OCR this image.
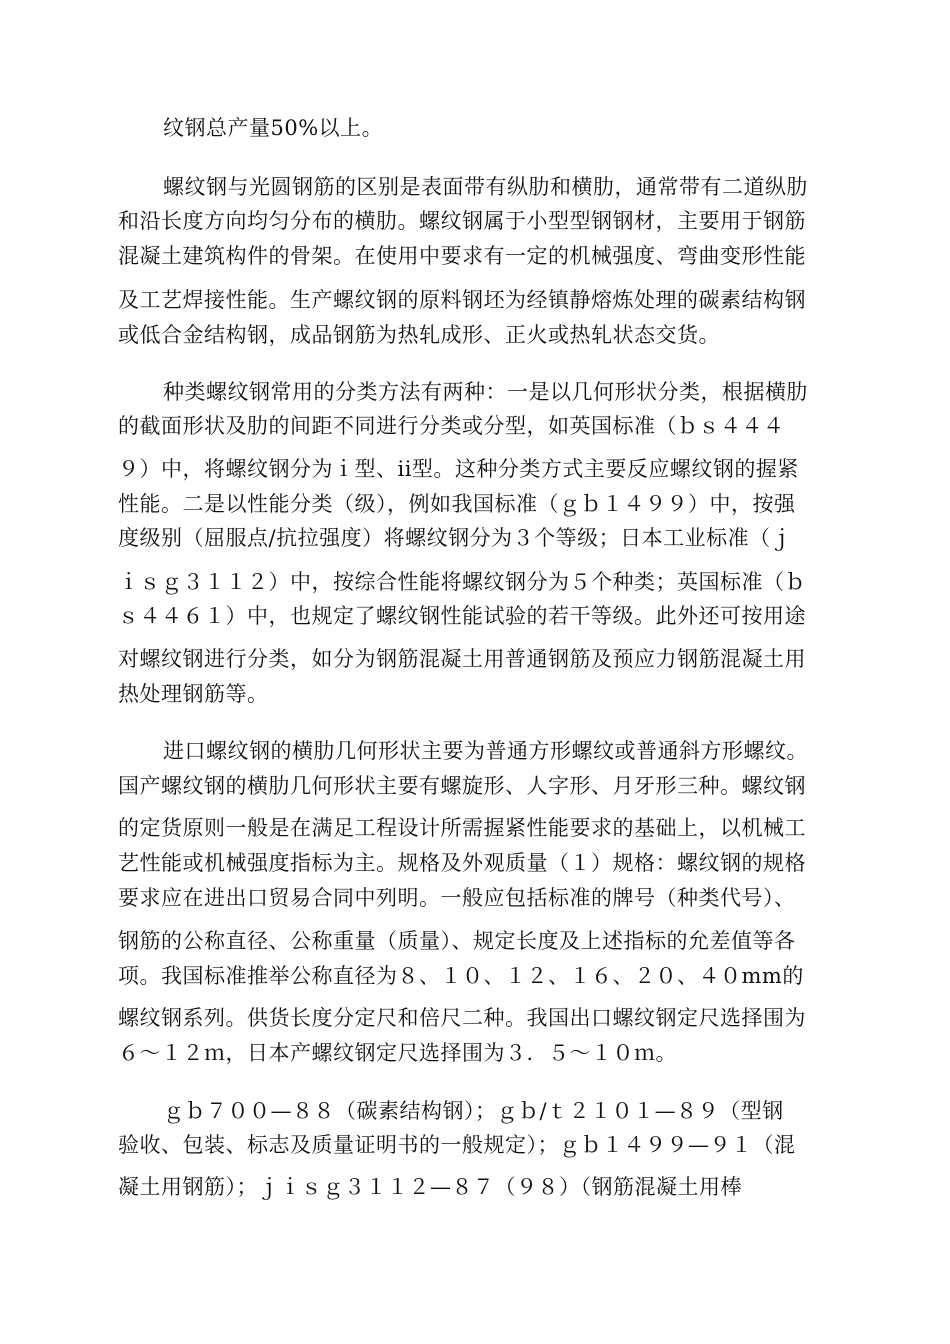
纹钢总产量50%以上。

螺纹钢与光圆钢筋的区别是表面带有纵肋和横肋，通常带有二道纵肋

和沿长度方向均匀分布的横肋。螺纹钢属于小型型钢钢材，主要用于钢筋

混凝土建筑构件的骨架。在使用中要求有一定的机械强度、弯曲变形性能

及工艺焊接性能。生产螺纹钢的原料钢坯为经镇静熔炼处理的碳素结构钢

或低合金结构钢，成品钢筋为热轧成形、正火或热轧状态交货。

种类螺纹钢常用的分类方法有两种：一是以几何形状分类，根据横肋

的截面形状及肋的间距不同进行分类或分型，如英国标准（ｂｓ４４４

９）中，将螺纹钢分为ｉ型、ii型。这种分类方式主要反应螺纹钢的握紧

性能。二是以性能分类（级），例如我国标准（ｇｂ１４９９）中，按强

度级别（屈服点/抗拉强度）将螺纹钢分为３个等级；日本工业标准（ｊ

ｉｓｇ３１１２）中，按综合性能将螺纹钢分为５个种类；英国标准（ｂ

ｓ４４６１）中，也规定了螺纹钢性能试验的若干等级。此外还可按用途

对螺纹钢进行分类，如分为钢筋混凝土用普通钢筋及预应力钢筋混凝土用

热处理钢筋等。

进口螺纹钢的横肋几何形状主要为普通方形螺纹或普通斜方形螺纹。

国产螺纹钢的横肋几何形状主要有螺旋形、人字形、月牙形三种。螺纹钢

的定货原则一般是在满足工程设计所需握紧性能要求的基础上，以机械工

艺性能或机械强度指标为主。规格及外观质量（１）规格：螺纹钢的规格

要求应在进出口贸易合同中列明。一般应包括标准的牌号（种类代号）、

钢筋的公称直径、公称重量（质量）、规定长度及上述指标的允差值等各

项。我国标准推举公称直径为８、１０、１２、１６、２０、４０mm的

螺纹钢系列。供货长度分定尺和倍尺二种。我国出口螺纹钢定尺选择围为

６～１２ｍ，日本产螺纹钢定尺选择围为３．５～１０ｍ。

ｇｂ７００—８８（碳素结构钢）；ｇｂ/ｔ２１０１—８９（型钢

验收、包装、标志及质量证明书的一般规定）；ｇｂ１４９９—９１（混

凝土用钢筋）；ｊｉｓｇ３１１２—８７（９８）（钢筋混凝土用棒
